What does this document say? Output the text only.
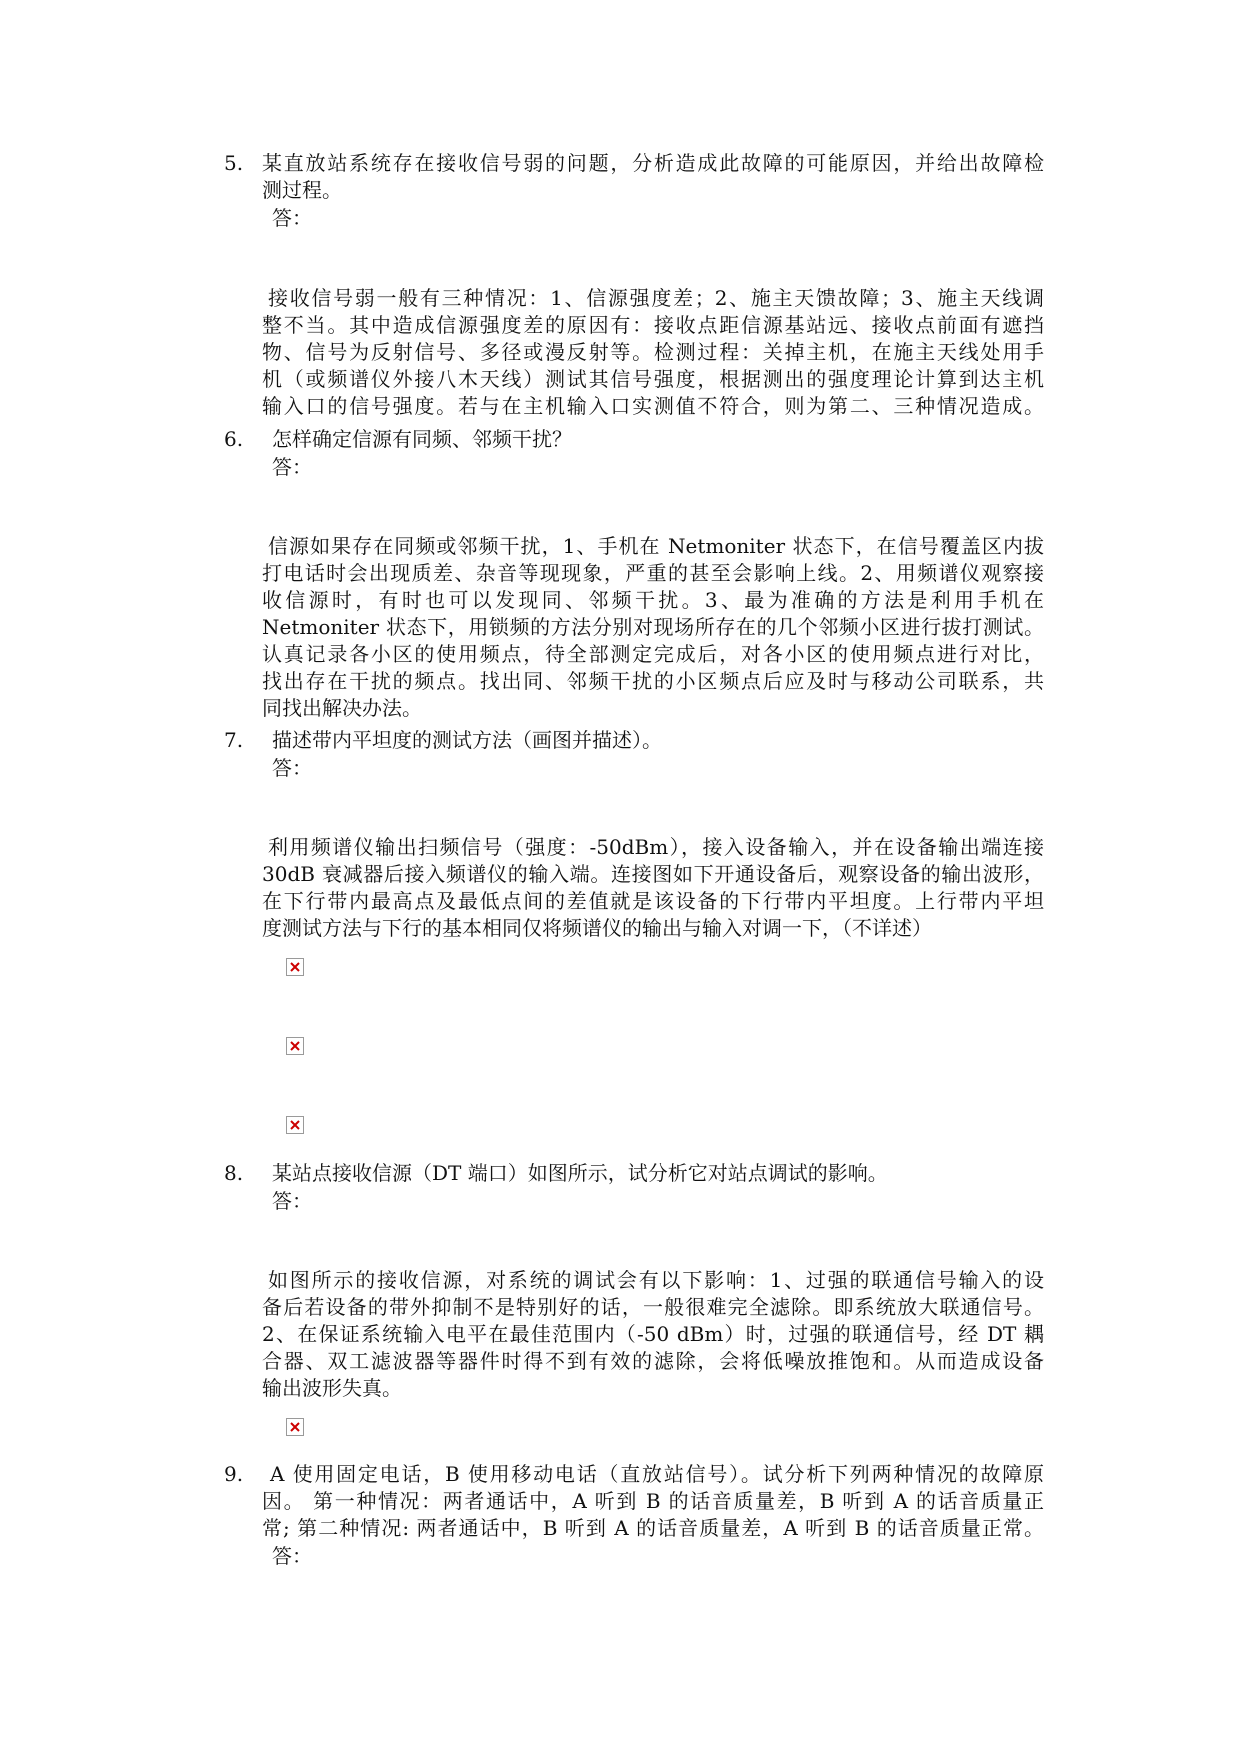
5. 某直放站系统存在接收信号弱的问题，分析造成此故障的可能原因，并给出故障检
测过程。
答：
接收信号弱一般有三种情况：1、信源强度差；2、施主天馈故障；3、施主天线调
整不当。其中造成信源强度差的原因有：接收点距信源基站远、接收点前面有遮挡
物、信号为反射信号、多径或漫反射等。检测过程：关掉主机，在施主天线处用手
机（或频谱仪外接八木天线）测试其信号强度，根据测出的强度理论计算到达主机
输入口的信号强度。若与在主机输入口实测值不符合，则为第二、三种情况造成。
6. 怎样确定信源有同频、邻频干扰？
答：
信源如果存在同频或邻频干扰，1、手机在 Netmoniter 状态下，在信号覆盖区内拔
打电话时会出现质差、杂音等现现象，严重的甚至会影响上线。2、用频谱仪观察接
收信源时，有时也可以发现同、邻频干扰。3、最为准确的方法是利用手机在
Netmoniter 状态下，用锁频的方法分别对现场所存在的几个邻频小区进行拔打测试。
认真记录各小区的使用频点，待全部测定完成后，对各小区的使用频点进行对比，
找出存在干扰的频点。找出同、邻频干扰的小区频点后应及时与移动公司联系，共
同找出解决办法。
7. 描述带内平坦度的测试方法（画图并描述）。
答：
利用频谱仪输出扫频信号（强度：-50dBm），接入设备输入，并在设备输出端连接
30dB 衰减器后接入频谱仪的输入端。连接图如下开通设备后，观察设备的输出波形，
在下行带内最高点及最低点间的差值就是该设备的下行带内平坦度。上行带内平坦
度测试方法与下行的基本相同仅将频谱仪的输出与输入对调一下，（不详述）
8. 某站点接收信源（DT 端口）如图所示，试分析它对站点调试的影响。
答：
如图所示的接收信源，对系统的调试会有以下影响：1、过强的联通信号输入的设
备后若设备的带外抑制不是特别好的话，一般很难完全滤除。即系统放大联通信号。
2、在保证系统输入电平在最佳范围内（-50 dBm）时，过强的联通信号，经 DT 耦
合器、双工滤波器等器件时得不到有效的滤除，会将低噪放推饱和。从而造成设备
输出波形失真。
9. A 使用固定电话，B 使用移动电话（直放站信号）。试分析下列两种情况的故障原
因。 第一种情况：两者通话中，A 听到 B 的话音质量差，B 听到 A 的话音质量正
常; 第二种情况: 两者通话中，B 听到 A 的话音质量差，A 听到 B 的话音质量正常。
答：
